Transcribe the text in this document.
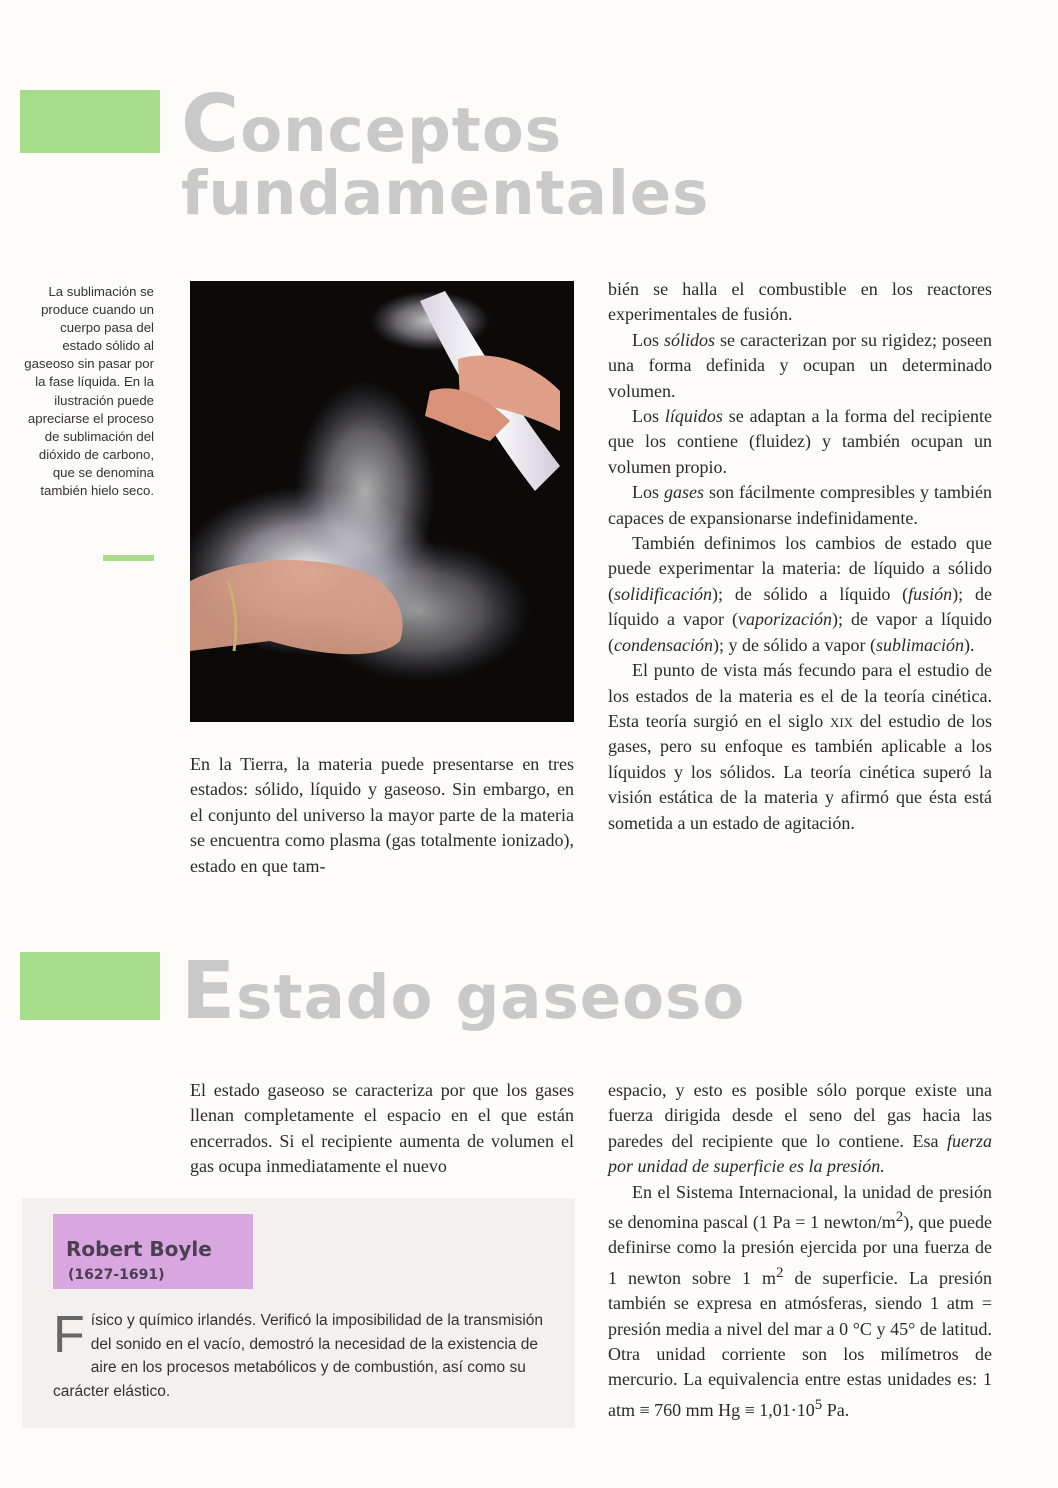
Conceptos
fundamentales
La sublimación se produce cuando un cuerpo pasa del estado sólido al gaseoso sin pasar por la fase líquida. En la ilustración puede apreciarse el proceso de sublimación del dióxido de carbono, que se denomina también hielo seco.

En la Tierra, la materia puede presentarse en tres estados: sólido, líquido y gaseoso. Sin embargo, en el conjunto del universo la mayor parte de la materia se encuentra como plasma (gas totalmente ionizado), estado en que tam-

bién se halla el combustible en los reactores experimentales de fusión.

Los sólidos se caracterizan por su rigidez; poseen una forma definida y ocupan un determinado volumen.

Los líquidos se adaptan a la forma del recipiente que los contiene (fluidez) y también ocupan un volumen propio.

Los gases son fácilmente compresibles y también capaces de expansionarse indefinidamente.

También definimos los cambios de estado que puede experimentar la materia: de líquido a sólido (solidificación); de sólido a líquido (fusión); de líquido a vapor (vaporización); de vapor a líquido (condensación); y de sólido a vapor (sublimación).

El punto de vista más fecundo para el estudio de los estados de la materia es el de la teoría cinética. Esta teoría surgió en el siglo xix del estudio de los gases, pero su enfoque es también aplicable a los líquidos y los sólidos. La teoría cinética superó la visión estática de la materia y afirmó que ésta está sometida a un estado de agitación.

Estado gaseoso

El estado gaseoso se caracteriza por que los gases llenan completamente el espacio en el que están encerrados. Si el recipiente aumenta de volumen el gas ocupa inmediatamente el nuevo

Robert Boyle
(1627-1691)

Físico y químico irlandés. Verificó la imposibilidad de la transmisión del sonido en el vacío, demostró la necesidad de la existencia de aire en los procesos metabólicos y de combustión, así como su carácter elástico.

espacio, y esto es posible sólo porque existe una fuerza dirigida desde el seno del gas hacia las paredes del recipiente que lo contiene. Esa fuerza por unidad de superficie es la presión.

En el Sistema Internacional, la unidad de presión se denomina pascal (1 Pa = 1 newton/$m^2$), que puede definirse como la presión ejercida por una fuerza de 1 newton sobre 1 $m^2$ de superficie. La presión también se expresa en atmósferas, siendo 1 atm = presión media a nivel del mar a 0 °C y 45° de latitud. Otra unidad corriente son los milímetros de mercurio. La equivalencia entre estas unidades es: 1 atm ≡ 760 mm $Hg \equiv 1,01\cdot 10^5$ Pa.
